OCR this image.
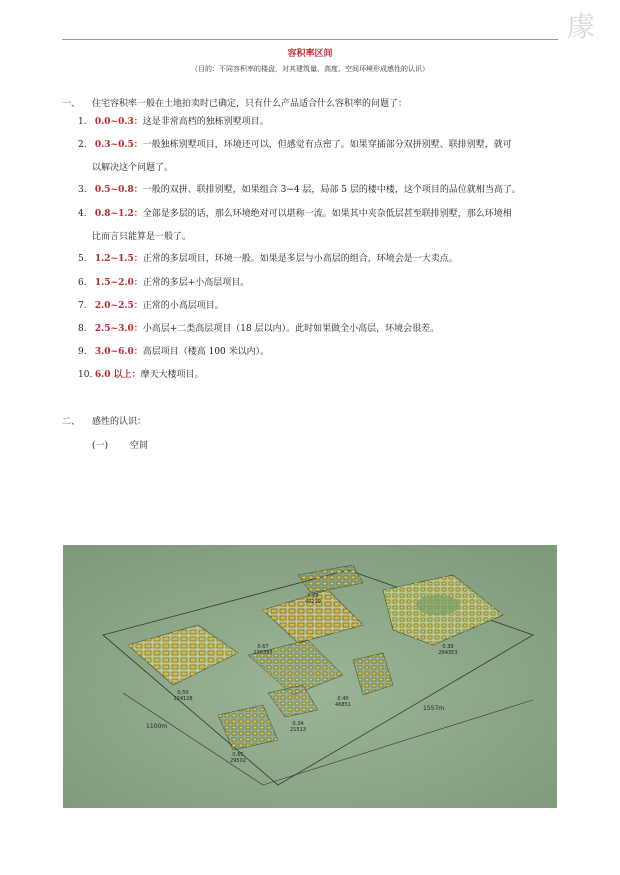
豦
容积率区间
（目的：不同容积率的楼盘，对其建筑量、高度、空间环境形成感性的认识）
一、 住宅容积率一般在土地拍卖时已确定，只有什么产品适合什么容积率的问题了：
1. 0.0~0.3：这是非常高档的独栋别墅项目。
2. 0.3~0.5：一般独栋别墅项目，环境还可以，但感觉有点密了。如果穿插部分双拼别墅、联排别墅，就可
以解决这个问题了。
3. 0.5~0.8：一般的双拼、联排别墅，如果组合 3~4 层，局部 5 层的楼中楼，这个项目的品位就相当高了。
4. 0.8~1.2：全部是多层的话，那么环境绝对可以堪称一流。如果其中夹杂低层甚至联排别墅，那么环境相
比而言只能算是一般了。
5. 1.2~1.5：正常的多层项目，环境一般。如果是多层与小高层的组合，环境会是一大卖点。
6. 1.5~2.0：正常的多层+小高层项目。
7. 2.0~2.5：正常的小高层项目。
8. 2.5~3.0：小高层+二类高层项目（18 层以内）。此时如果做全小高层，环境会很差。
9. 3.0~6.0：高层项目（楼高 100 米以内）。
10. 6.0 以上：摩天大楼项目。
二、 感性的认识：
(一) 空间
1557m
1100m
0.29
40239
0.67
136393
0.39
264353
0.50
224128	0.40
46851
0.34
21513
0.65
29502
